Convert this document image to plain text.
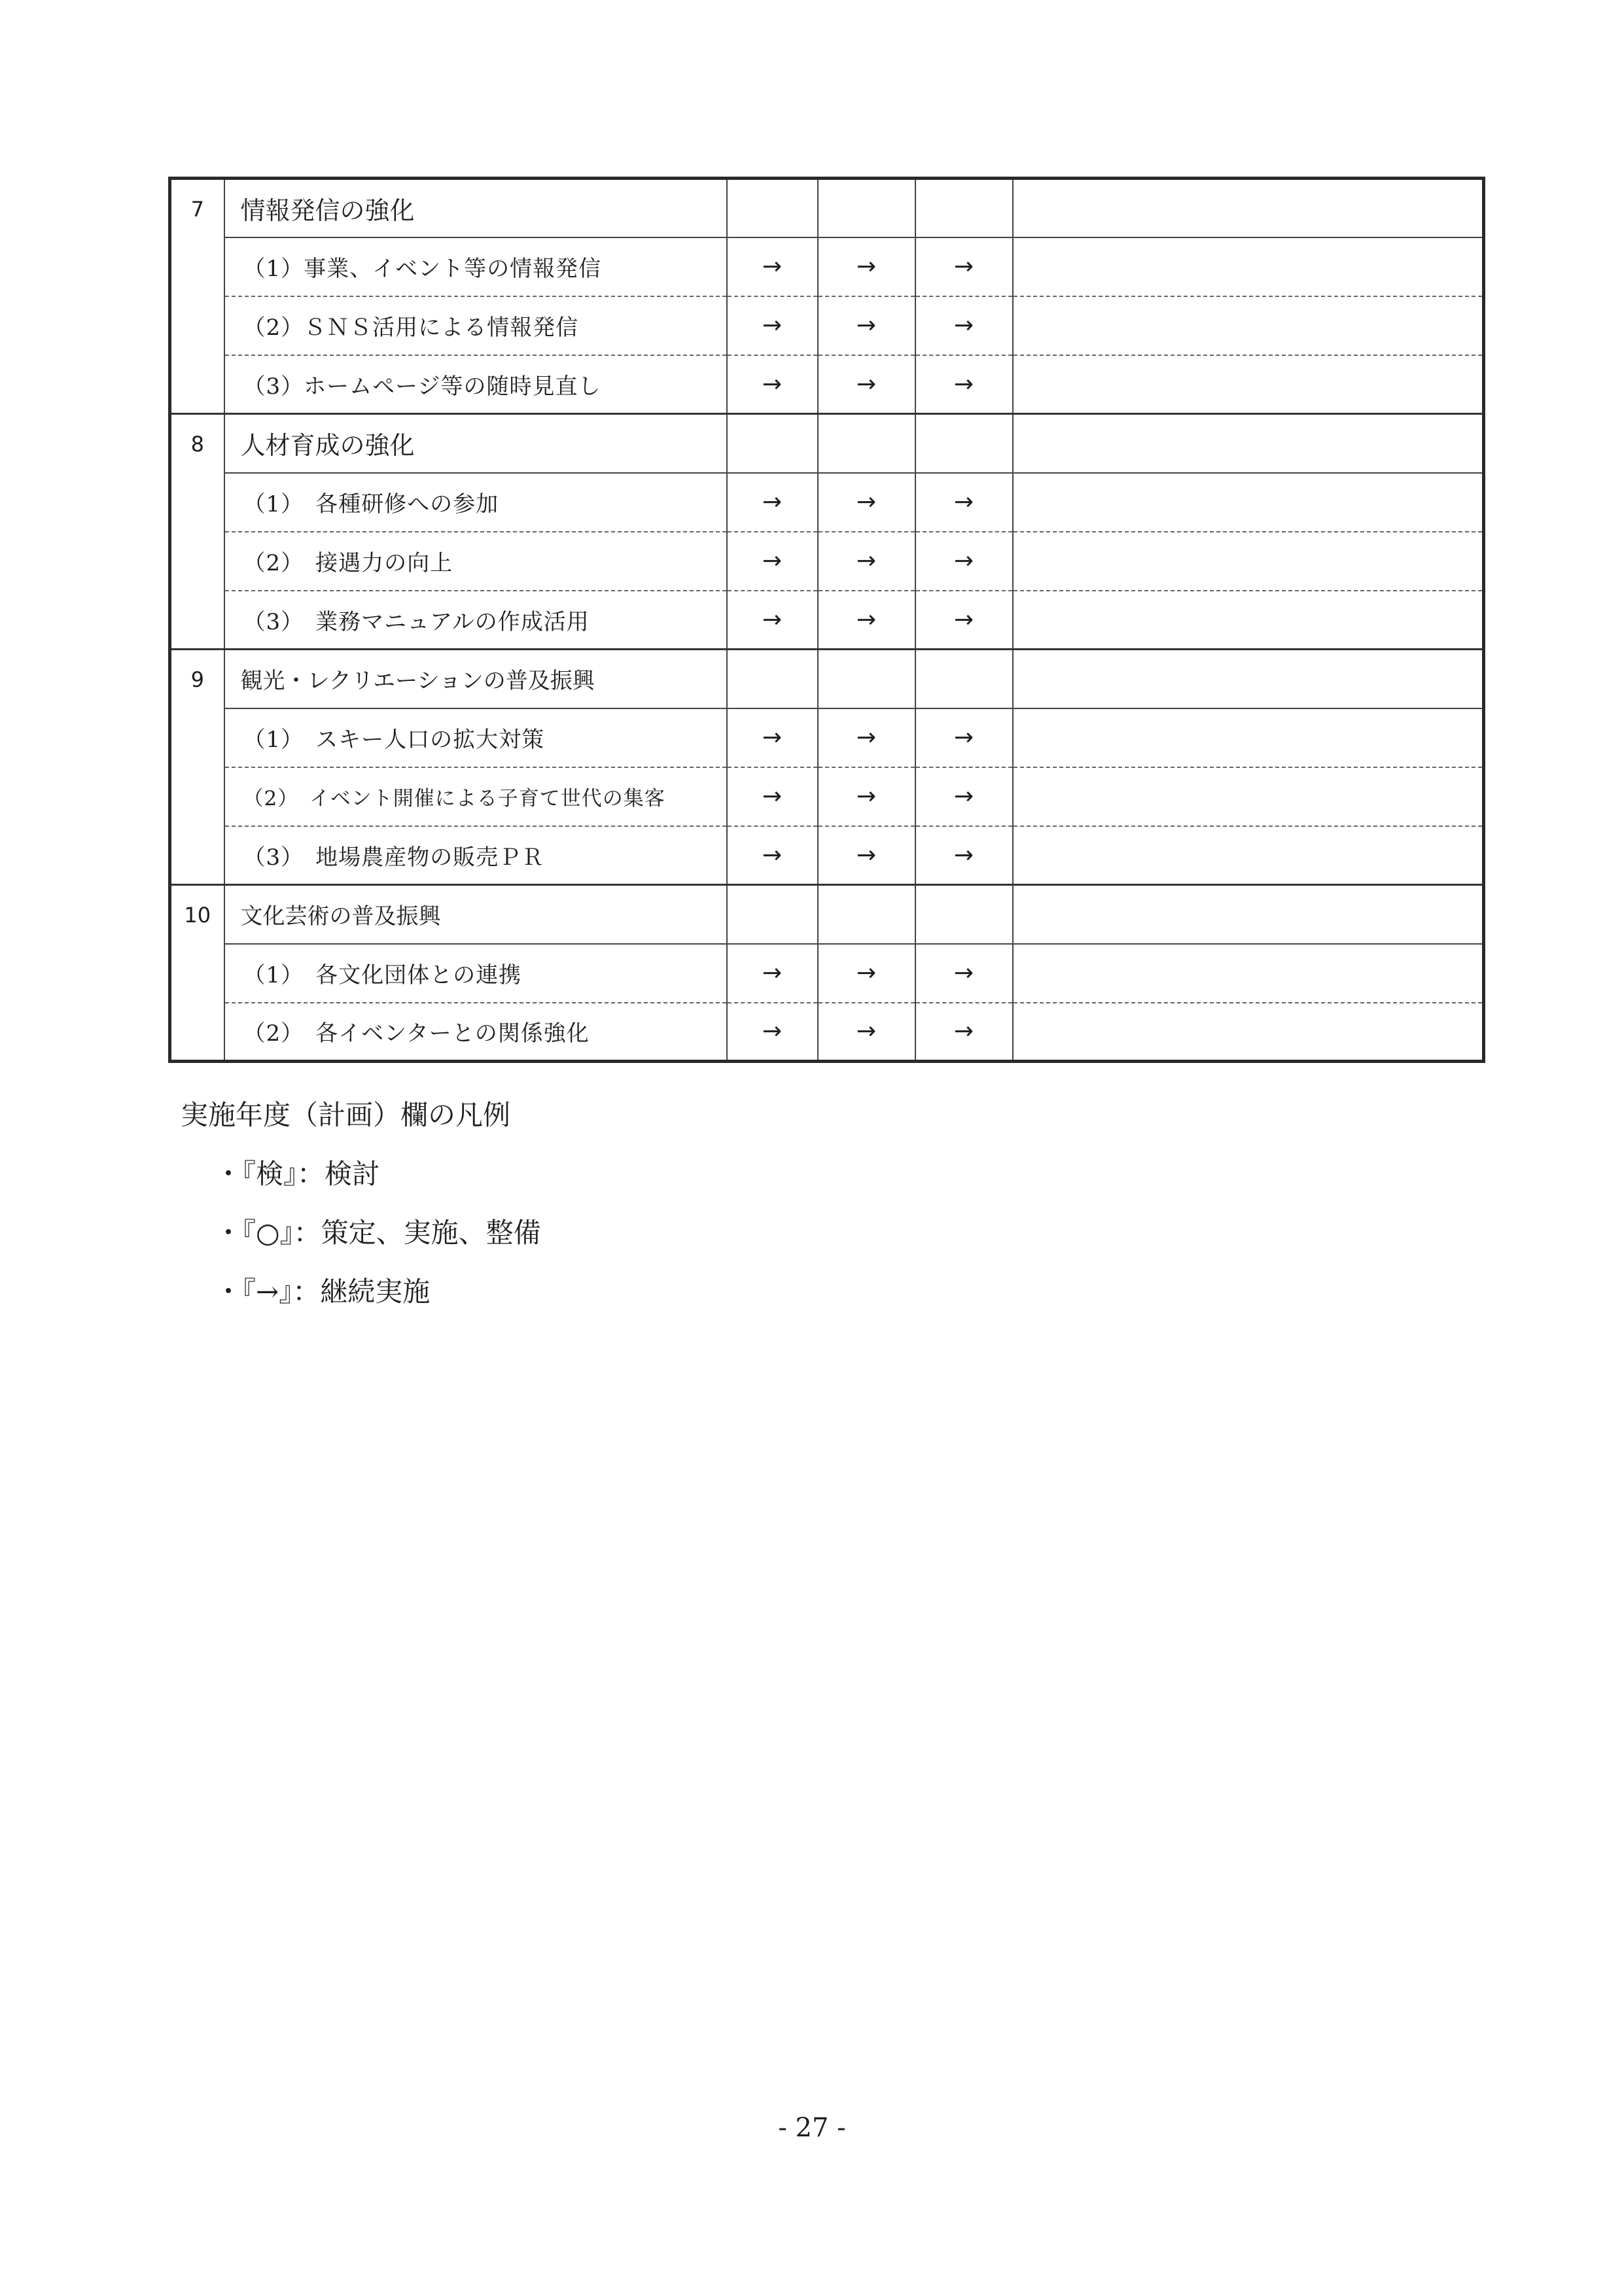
7	情報発信の強化				
	（1）事業、イベント等の情報発信	→	→	→	
	（2）ＳＮＳ活用による情報発信	→	→	→	
	（3）ホームページ等の随時見直し	→	→	→	
8	人材育成の強化				
	（1）　各種研修への参加	→	→	→	
	（2）　接遇力の向上	→	→	→	
	（3）　業務マニュアルの作成活用	→	→	→	
9	観光・レクリエーションの普及振興				
	（1）　スキー人口の拡大対策	→	→	→	
	（2）　イベント開催による子育て世代の集客	→	→	→	
	（3）　地場農産物の販売ＰＲ	→	→	→	
10	文化芸術の普及振興				
	（1）　各文化団体との連携	→	→	→	
	（2）　各イベンターとの関係強化	→	→	→	
実施年度（計画）欄の凡例
・『検』：検討
・『○』：策定、実施、整備
・『→』：継続実施
- 27 -
